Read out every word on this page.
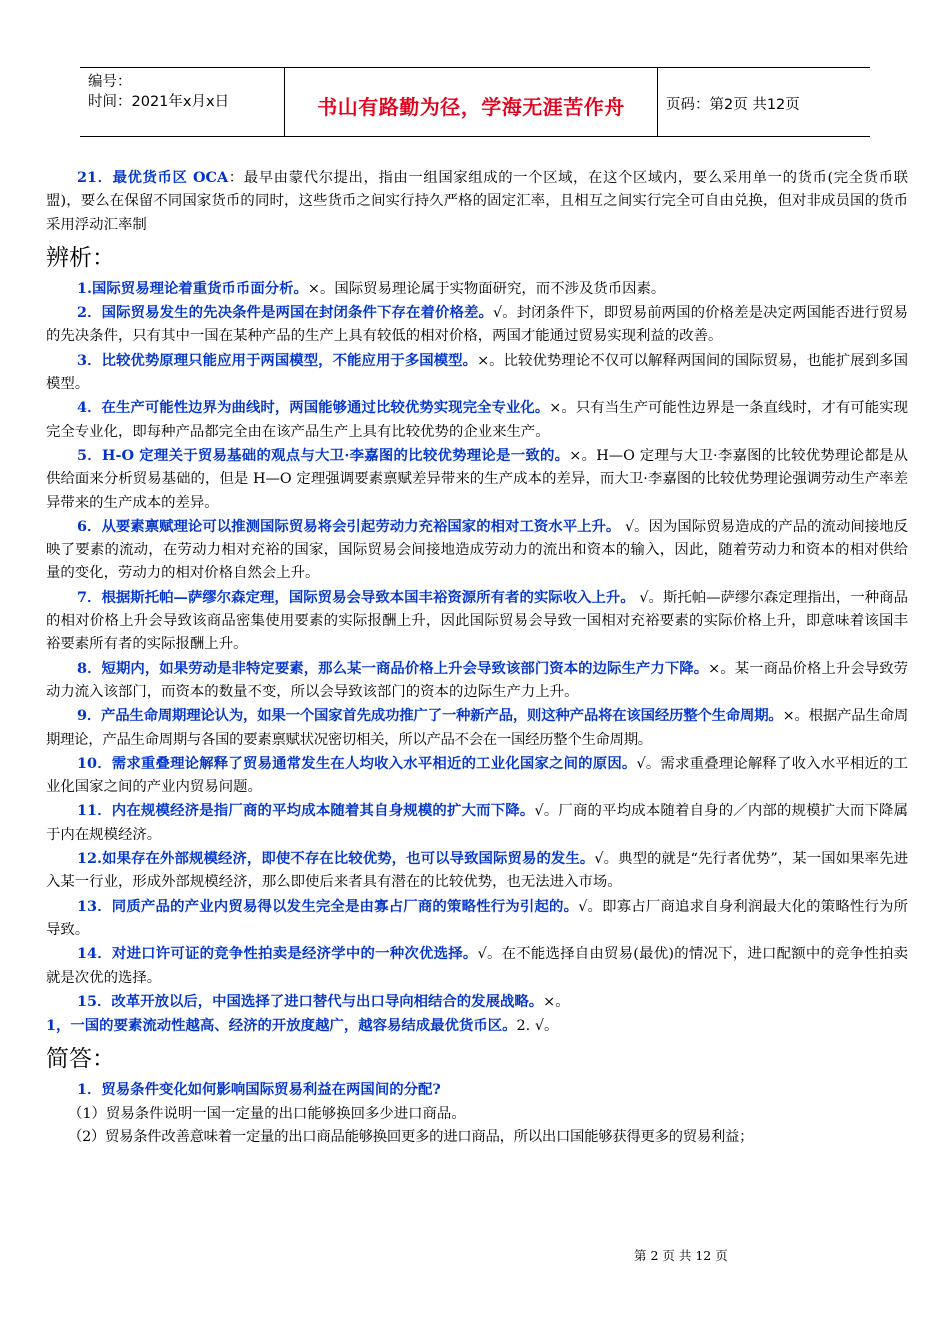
编号：
时间：2021年x月x日	书山有路勤为径，学海无涯苦作舟	页码：第2页 共12页

21．最优货币区 OCA：最早由蒙代尔提出，指由一组国家组成的一个区域，在这个区域内，要么采用单一的货币(完全货币联盟)，要么在保留不同国家货币的同时，这些货币之间实行持久严格的固定汇率，且相互之间实行完全可自由兑换，但对非成员国的货币采用浮动汇率制

辨析：

1.国际贸易理论着重货币币面分析。×。国际贸易理论属于实物面研究，而不涉及货币因素。

2．国际贸易发生的先决条件是两国在封闭条件下存在着价格差。√。封闭条件下，即贸易前两国的价格差是决定两国能否进行贸易的先决条件，只有其中一国在某种产品的生产上具有较低的相对价格，两国才能通过贸易实现利益的改善。

3．比较优势原理只能应用于两国模型，不能应用于多国模型。×。比较优势理论不仅可以解释两国间的国际贸易，也能扩展到多国模型。

4．在生产可能性边界为曲线时，两国能够通过比较优势实现完全专业化。×。只有当生产可能性边界是一条直线时，才有可能实现完全专业化，即每种产品都完全由在该产品生产上具有比较优势的企业来生产。

5．H-O 定理关于贸易基础的观点与大卫·李嘉图的比较优势理论是一致的。×。H—O 定理与大卫·李嘉图的比较优势理论都是从供给面来分析贸易基础的，但是 H—O 定理强调要素禀赋差异带来的生产成本的差异，而大卫·李嘉图的比较优势理论强调劳动生产率差异带来的生产成本的差异。

6．从要素禀赋理论可以推测国际贸易将会引起劳动力充裕国家的相对工资水平上升。 √。因为国际贸易造成的产品的流动间接地反映了要素的流动，在劳动力相对充裕的国家，国际贸易会间接地造成劳动力的流出和资本的输入，因此，随着劳动力和资本的相对供给量的变化，劳动力的相对价格自然会上升。

7．根据斯托帕—萨缪尔森定理，国际贸易会导致本国丰裕资源所有者的实际收入上升。 √。斯托帕—萨缪尔森定理指出，一种商品的相对价格上升会导致该商品密集使用要素的实际报酬上升，因此国际贸易会导致一国相对充裕要素的实际价格上升，即意味着该国丰裕要素所有者的实际报酬上升。

8．短期内，如果劳动是非特定要素，那么某一商品价格上升会导致该部门资本的边际生产力下降。×。某一商品价格上升会导致劳动力流入该部门，而资本的数量不变，所以会导致该部门的资本的边际生产力上升。

9．产品生命周期理论认为，如果一个国家首先成功推广了一种新产品，则这种产品将在该国经历整个生命周期。×。根据产品生命周期理论，产品生命周期与各国的要素禀赋状况密切相关，所以产品不会在一国经历整个生命周期。

10．需求重叠理论解释了贸易通常发生在人均收入水平相近的工业化国家之间的原因。√。需求重叠理论解释了收入水平相近的工业化国家之间的产业内贸易问题。

11．内在规模经济是指厂商的平均成本随着其自身规模的扩大而下降。√。厂商的平均成本随着自身的／内部的规模扩大而下降属于内在规模经济。

12.如果存在外部规模经济，即使不存在比较优势，也可以导致国际贸易的发生。√。典型的就是“先行者优势”，某一国如果率先进入某一行业，形成外部规模经济，那么即使后来者具有潜在的比较优势，也无法进入市场。

13．同质产品的产业内贸易得以发生完全是由寡占厂商的策略性行为引起的。√。即寡占厂商追求自身利润最大化的策略性行为所导致。

14．对进口许可证的竞争性拍卖是经济学中的一种次优选择。√。在不能选择自由贸易(最优)的情况下，进口配额中的竞争性拍卖就是次优的选择。

15．改革开放以后，中国选择了进口替代与出口导向相结合的发展战略。×。

1，一国的要素流动性越高、经济的开放度越广，越容易结成最优货币区。2. √。

简答：

1．贸易条件变化如何影响国际贸易利益在两国间的分配?

（1）贸易条件说明一国一定量的出口能够换回多少进口商品。

（2）贸易条件改善意味着一定量的出口商品能够换回更多的进口商品，所以出口国能够获得更多的贸易利益；

第 2 页 共 12 页
